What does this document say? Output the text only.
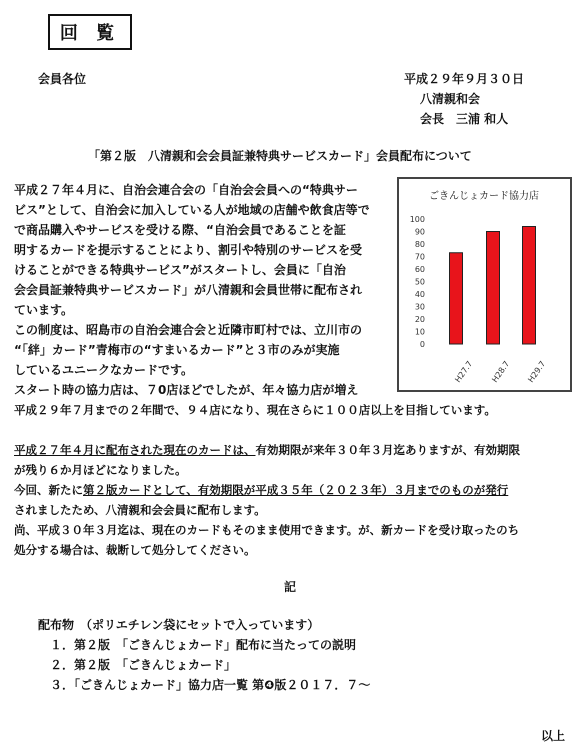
回 覧
会員各位	平成２９年９月３０日
八清親和会
会長　三浦 和人
「第２版　八清親和会会員証兼特典サービスカード」会員配布について
平成２７年４月に、自治会連合会の「自治会会員への“特典サー
ビス”として、自治会に加入している人が地域の店舗や飲食店等で
で商品購入やサービスを受ける際、“自治会員であることを証
明するカードを提示することにより、割引や特別のサービスを受
けることができる特典サービス”がスタートし、会員に「自治
会会員証兼特典サービスカード」が八清親和会員世帯に配布され
ています。
この制度は、昭島市の自治会連合会と近隣市町村では、立川市の
“「絆」カード”青梅市の“すまいるカード”と３市のみが実施
しているユニークなカードです。
スタート時の協力店は、７0店ほどでしたが、年々協力店が増え
平成２９年７月までの２年間で、９４店になり、現在さらに１００店以上を目指しています。
平成２７年４月に配布された現在のカードは、有効期限が来年３０年３月迄ありますが、有効期限
が残り６か月ほどになりました。
今回、新たに第２版カードとして、有効期限が平成３５年（２０２３年）３月までのものが発行
されましたため、八清親和会会員に配布します。
尚、平成３０年３月迄は、現在のカードもそのまま使用できます。が、新カードを受け取ったのち
処分する場合は、裁断して処分してください。
記
配布物　（ポリエチレン袋にセットで入っています）
１．第２版　「ごきんじょカード」配布に当たっての説明
２．第２版　「ごきんじょカード」
３．「ごきんじょカード」協力店一覧 第❹版２０１７．７～
以上
ごきんじょカード協力店
100
90
80
70
60
50
40
30
20
10
0
H27.7 H28.7 H29.7
